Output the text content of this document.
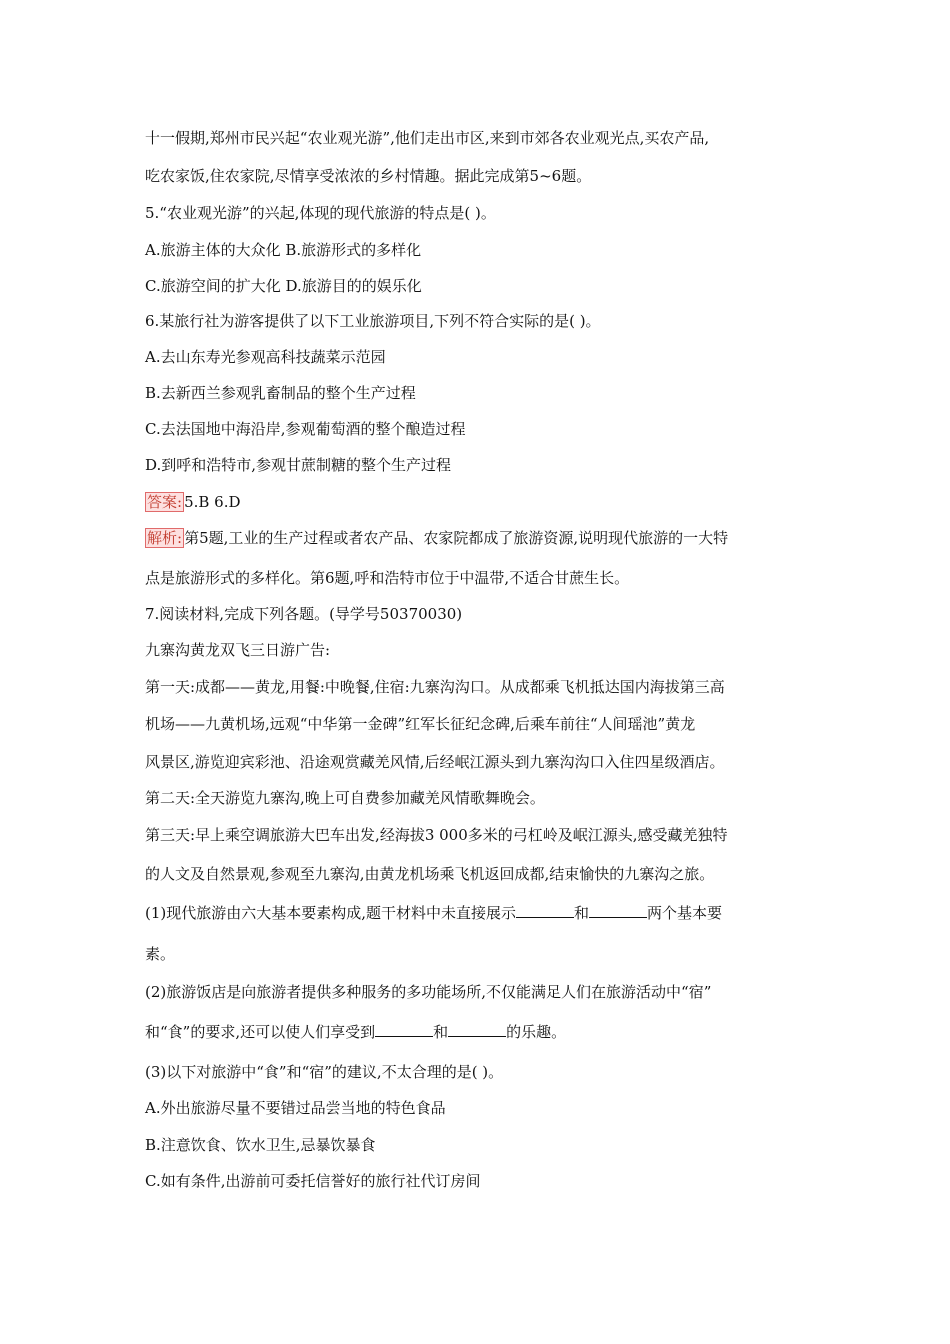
十一假期,郑州市民兴起“农业观光游”,他们走出市区,来到市郊各农业观光点,买农产品,
吃农家饭,住农家院,尽情享受浓浓的乡村情趣。据此完成第5~6题。
5.“农业观光游”的兴起,体现的现代旅游的特点是( )。
A.旅游主体的大众化 B.旅游形式的多样化
C.旅游空间的扩大化 D.旅游目的的娱乐化
6.某旅行社为游客提供了以下工业旅游项目,下列不符合实际的是( )。
A.去山东寿光参观高科技蔬菜示范园
B.去新西兰参观乳畜制品的整个生产过程
C.去法国地中海沿岸,参观葡萄酒的整个酿造过程
D.到呼和浩特市,参观甘蔗制糖的整个生产过程
答案: 5.B 6.D
解析: 第5题,工业的生产过程或者农产品、农家院都成了旅游资源,说明现代旅游的一大特
点是旅游形式的多样化。第6题,呼和浩特市位于中温带,不适合甘蔗生长。
7.阅读材料,完成下列各题。(导学号50370030)
九寨沟黄龙双飞三日游广告:
第一天:成都——黄龙,用餐:中晚餐,住宿:九寨沟沟口。从成都乘飞机抵达国内海拔第三高
机场——九黄机场,远观“中华第一金碑”红军长征纪念碑,后乘车前往“人间瑶池”黄龙
风景区,游览迎宾彩池、沿途观赏藏羌风情,后经岷江源头到九寨沟沟口入住四星级酒店。
第二天:全天游览九寨沟,晚上可自费参加藏羌风情歌舞晚会。
第三天:早上乘空调旅游大巴车出发,经海拔3 000多米的弓杠岭及岷江源头,感受藏羌独特
的人文及自然景观,参观至九寨沟,由黄龙机场乘飞机返回成都,结束愉快的九寨沟之旅。
(1)现代旅游由六大基本要素构成,题干材料中未直接展示	和	两个基本要
素。
(2)旅游饭店是向旅游者提供多种服务的多功能场所,不仅能满足人们在旅游活动中“宿”
和“食”的要求,还可以使人们享受到	和	的乐趣。
(3)以下对旅游中“食”和“宿”的建议,不太合理的是( )。
A.外出旅游尽量不要错过品尝当地的特色食品
B.注意饮食、饮水卫生,忌暴饮暴食
C.如有条件,出游前可委托信誉好的旅行社代订房间
